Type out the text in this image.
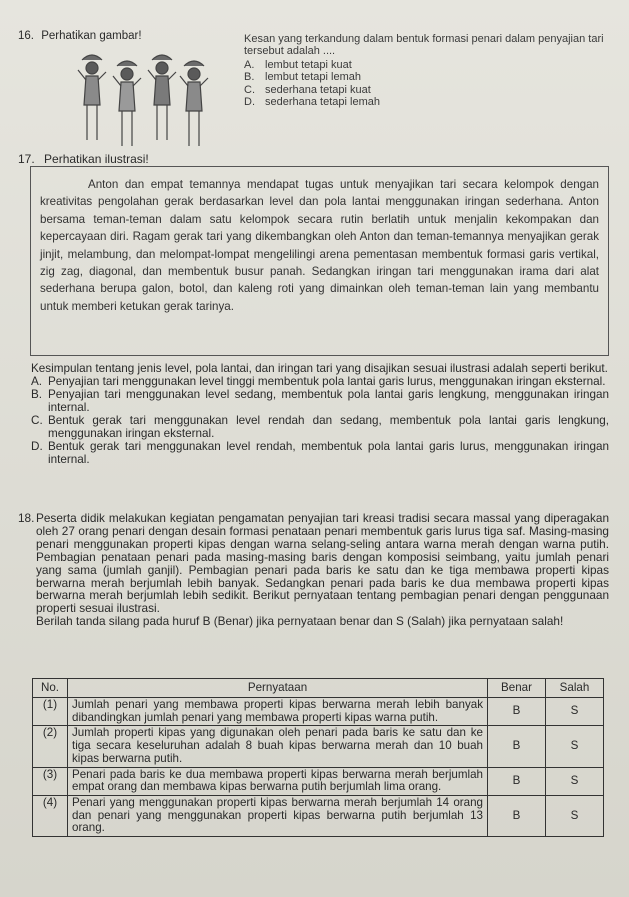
16. Perhatikan gambar!	Kesan yang terkandung dalam bentuk formasi penari dalam penyajian tari tersebut adalah ....

A. lembut tetapi kuat
B. lembut tetapi lemah
C. sederhana tetapi kuat
D. sederhana tetapi lemah
17. Perhatikan ilustrasi!

Anton dan empat temannya mendapat tugas untuk menyajikan tari secara kelompok dengan kreativitas pengolahan gerak berdasarkan level dan pola lantai menggunakan iringan sederhana. Anton bersama teman-teman dalam satu kelompok secara rutin berlatih untuk menjalin kekompakan dan kepercayaan diri. Ragam gerak tari yang dikembangkan oleh Anton dan teman-temannya menyajikan gerak jinjit, melambung, dan melompat-lompat mengelilingi arena pementasan membentuk formasi garis vertikal, zig zag, diagonal, dan membentuk busur panah. Sedangkan iringan tari menggunakan irama dari alat sederhana berupa galon, botol, dan kaleng roti yang dimainkan oleh teman-teman lain yang membantu untuk memberi ketukan gerak tarinya.

Kesimpulan tentang jenis level, pola lantai, dan iringan tari yang disajikan sesuai ilustrasi adalah seperti berikut.
A. Penyajian tari menggunakan level tinggi membentuk pola lantai garis lurus, menggunakan iringan eksternal.
B. Penyajian tari menggunakan level sedang, membentuk pola lantai garis lengkung, menggunakan iringan internal.
C. Bentuk gerak tari menggunakan level rendah dan sedang, membentuk pola lantai garis lengkung, menggunakan iringan eksternal.
D. Bentuk gerak tari menggunakan level rendah, membentuk pola lantai garis lurus, menggunakan iringan internal.
18. Peserta didik melakukan kegiatan pengamatan penyajian tari kreasi tradisi secara massal yang diperagakan oleh 27 orang penari dengan desain formasi penataan penari membentuk garis lurus tiga saf. Masing-masing penari menggunakan properti kipas dengan warna selang-seling antara warna merah dengan warna putih. Pembagian penataan penari pada masing-masing baris dengan komposisi seimbang, yaitu jumlah penari yang sama (jumlah ganjil). Pembagian penari pada baris ke satu dan ke tiga membawa properti kipas berwarna merah berjumlah lebih banyak. Sedangkan penari pada baris ke dua membawa properti kipas berwarna merah berjumlah lebih sedikit. Berikut pernyataan tentang pembagian penari dengan penggunaan properti sesuai ilustrasi.
Berilah tanda silang pada huruf B (Benar) jika pernyataan benar dan S (Salah) jika pernyataan salah!
No.	Pernyataan	Benar	Salah
(1)	Jumlah penari yang membawa properti kipas berwarna merah lebih banyak dibandingkan jumlah penari yang membawa properti kipas warna putih.	B	S
(2)	Jumlah properti kipas yang digunakan oleh penari pada baris ke satu dan ke tiga secara keseluruhan adalah 8 buah kipas berwarna merah dan 10 buah kipas berwarna putih.	B	S
(3)	Penari pada baris ke dua membawa properti kipas berwarna merah berjumlah empat orang dan membawa kipas berwarna putih berjumlah lima orang.	B	S
(4)	Penari yang menggunakan properti kipas berwarna merah berjumlah 14 orang dan penari yang menggunakan properti kipas berwarna putih berjumlah 13 orang.	B	S
